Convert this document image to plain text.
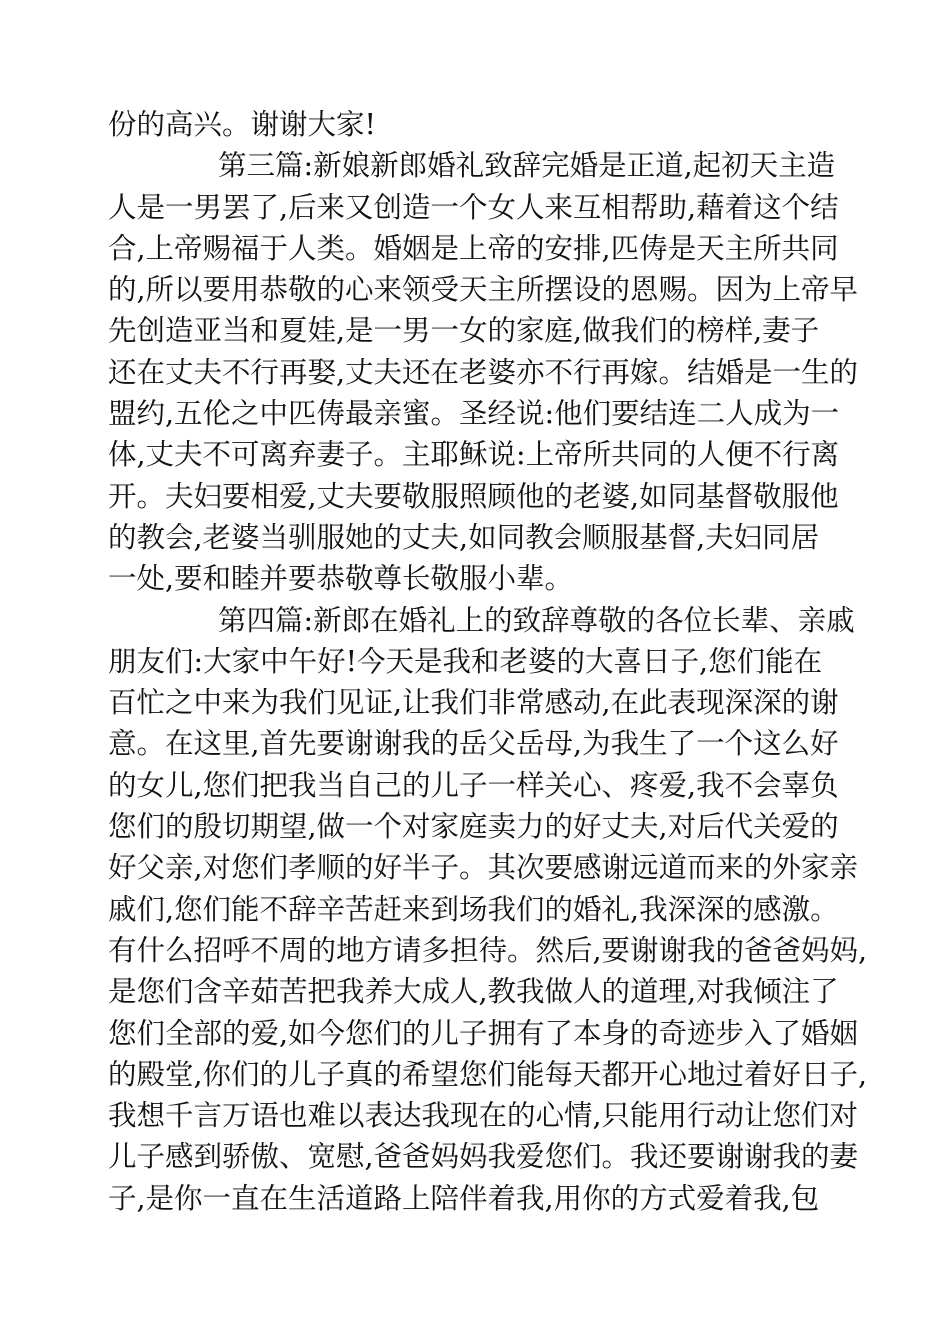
份的高兴。谢谢大家!
第三篇:新娘新郎婚礼致辞完婚是正道,起初天主造
人是一男罢了,后来又创造一个女人来互相帮助,藉着这个结
合,上帝赐福于人类。婚姻是上帝的安排,匹俦是天主所共同
的,所以要用恭敬的心来领受天主所摆设的恩赐。因为上帝早
先创造亚当和夏娃,是一男一女的家庭,做我们的榜样,妻子
还在丈夫不行再娶,丈夫还在老婆亦不行再嫁。结婚是一生的
盟约,五伦之中匹俦最亲蜜。圣经说:他们要结连二人成为一
体,丈夫不可离弃妻子。主耶稣说:上帝所共同的人便不行离
开。夫妇要相爱,丈夫要敬服照顾他的老婆,如同基督敬服他
的教会,老婆当驯服她的丈夫,如同教会顺服基督,夫妇同居
一处,要和睦并要恭敬尊长敬服小辈。
第四篇:新郎在婚礼上的致辞尊敬的各位长辈、亲戚
朋友们:大家中午好!今天是我和老婆的大喜日子,您们能在
百忙之中来为我们见证,让我们非常感动,在此表现深深的谢
意。在这里,首先要谢谢我的岳父岳母,为我生了一个这么好
的女儿,您们把我当自己的儿子一样关心、疼爱,我不会辜负
您们的殷切期望,做一个对家庭卖力的好丈夫,对后代关爱的
好父亲,对您们孝顺的好半子。其次要感谢远道而来的外家亲
戚们,您们能不辞辛苦赶来到场我们的婚礼,我深深的感激。
有什么招呼不周的地方请多担待。然后,要谢谢我的爸爸妈妈,
是您们含辛茹苦把我养大成人,教我做人的道理,对我倾注了
您们全部的爱,如今您们的儿子拥有了本身的奇迹步入了婚姻
的殿堂,你们的儿子真的希望您们能每天都开心地过着好日子,
我想千言万语也难以表达我现在的心情,只能用行动让您们对
儿子感到骄傲、宽慰,爸爸妈妈我爱您们。我还要谢谢我的妻
子,是你一直在生活道路上陪伴着我,用你的方式爱着我,包
